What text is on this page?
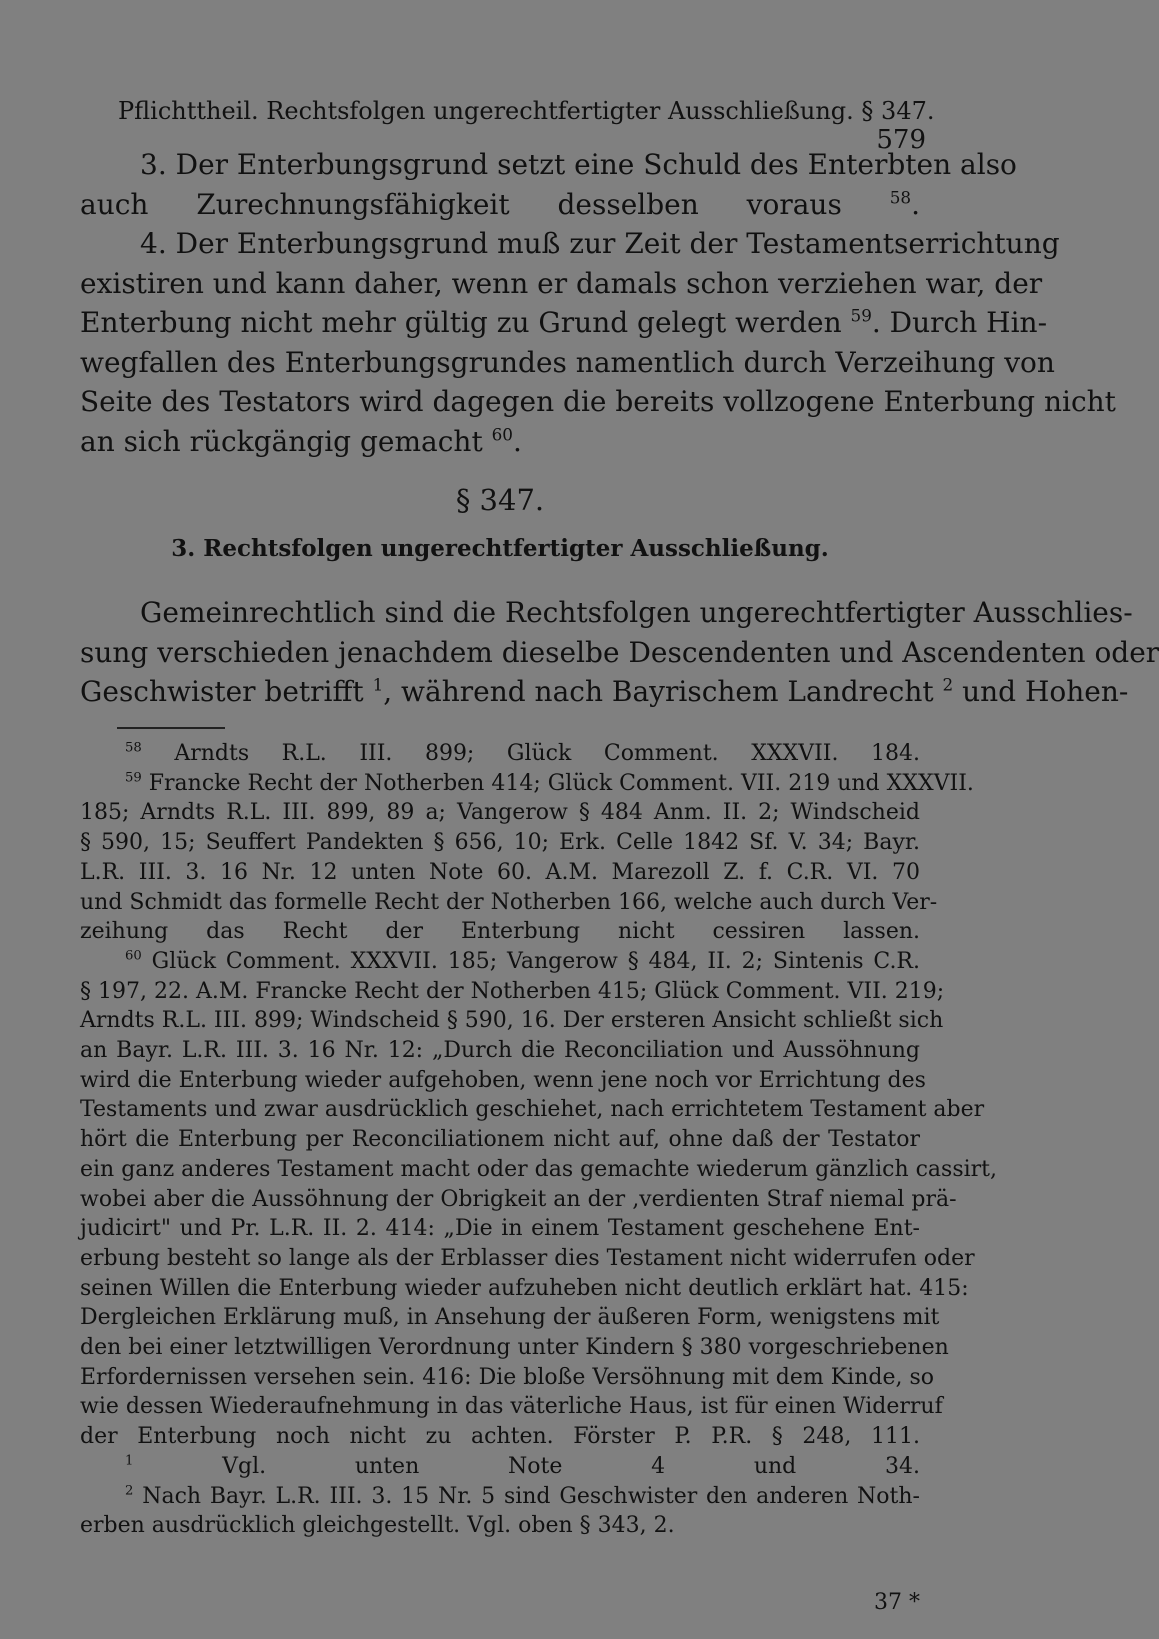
Pflichttheil. Rechtsfolgen ungerechtfertigter Ausschließung. § 347.
579
3. Der Enterbungsgrund setzt eine Schuld des Enterbten also
auch Zurechnungsfähigkeit desselben voraus $^{58}$.
4. Der Enterbungsgrund muß zur Zeit der Testamentserrichtung
existiren und kann daher, wenn er damals schon verziehen war, der
Enterbung nicht mehr gültig zu Grund gelegt werden $^{59}$. Durch Hin-
wegfallen des Enterbungsgrundes namentlich durch Verzeihung von
Seite des Testators wird dagegen die bereits vollzogene Enterbung nicht
an sich rückgängig gemacht $^{60}$.
§ 347.
3. Rechtsfolgen ungerechtfertigter Ausschließung.
Gemeinrechtlich sind die Rechtsfolgen ungerechtfertigter Ausschlies-
sung verschieden jenachdem dieselbe Descendenten und Ascendenten oder
Geschwister betrifft $^1$, während nach Bayrischem Landrecht $^2$ und Hohen-
$^{58}$ Arndts R.L. III. 899; Glück Comment. XXXVII. 184.
$^{59}$ Francke Recht der Notherben 414; Glück Comment. VII. 219 und XXXVII.
185; Arndts R.L. III. 899, 89 a; Vangerow § 484 Anm. II. 2; Windscheid
§ 590, 15; Seuffert Pandekten § 656, 10; Erk. Celle 1842 Sf. V. 34; Bayr.
L.R. III. 3. 16 Nr. 12 unten Note 60. A.M. Marezoll Z. f. C.R. VI. 70
und Schmidt das formelle Recht der Notherben 166, welche auch durch Ver-
zeihung das Recht der Enterbung nicht cessiren lassen.
$^{60}$ Glück Comment. XXXVII. 185; Vangerow § 484, II. 2; Sintenis C.R.
§ 197, 22. A.M. Francke Recht der Notherben 415; Glück Comment. VII. 219;
Arndts R.L. III. 899; Windscheid § 590, 16. Der ersteren Ansicht schließt sich
an Bayr. L.R. III. 3. 16 Nr. 12: „Durch die Reconciliation und Aussöhnung
wird die Enterbung wieder aufgehoben, wenn jene noch vor Errichtung des
Testaments und zwar ausdrücklich geschiehet, nach errichtetem Testament aber
hört die Enterbung per Reconciliationem nicht auf, ohne daß der Testator
ein ganz anderes Testament macht oder das gemachte wiederum gänzlich cassirt,
wobei aber die Aussöhnung der Obrigkeit an der ‚verdienten Straf niemal prä-
judicirt" und Pr. L.R. II. 2. 414: „Die in einem Testament geschehene Ent-
erbung besteht so lange als der Erblasser dies Testament nicht widerrufen oder
seinen Willen die Enterbung wieder aufzuheben nicht deutlich erklärt hat. 415:
Dergleichen Erklärung muß, in Ansehung der äußeren Form, wenigstens mit
den bei einer letztwilligen Verordnung unter Kindern § 380 vorgeschriebenen
Erfordernissen versehen sein. 416: Die bloße Versöhnung mit dem Kinde, so
wie dessen Wiederaufnehmung in das väterliche Haus, ist für einen Widerruf
der Enterbung noch nicht zu achten. Förster P. P.R. § 248, 111.
$^1$ Vgl. unten Note 4 und 34.
$^2$ Nach Bayr. L.R. III. 3. 15 Nr. 5 sind Geschwister den anderen Noth-
erben ausdrücklich gleichgestellt. Vgl. oben § 343, 2.
37 *
